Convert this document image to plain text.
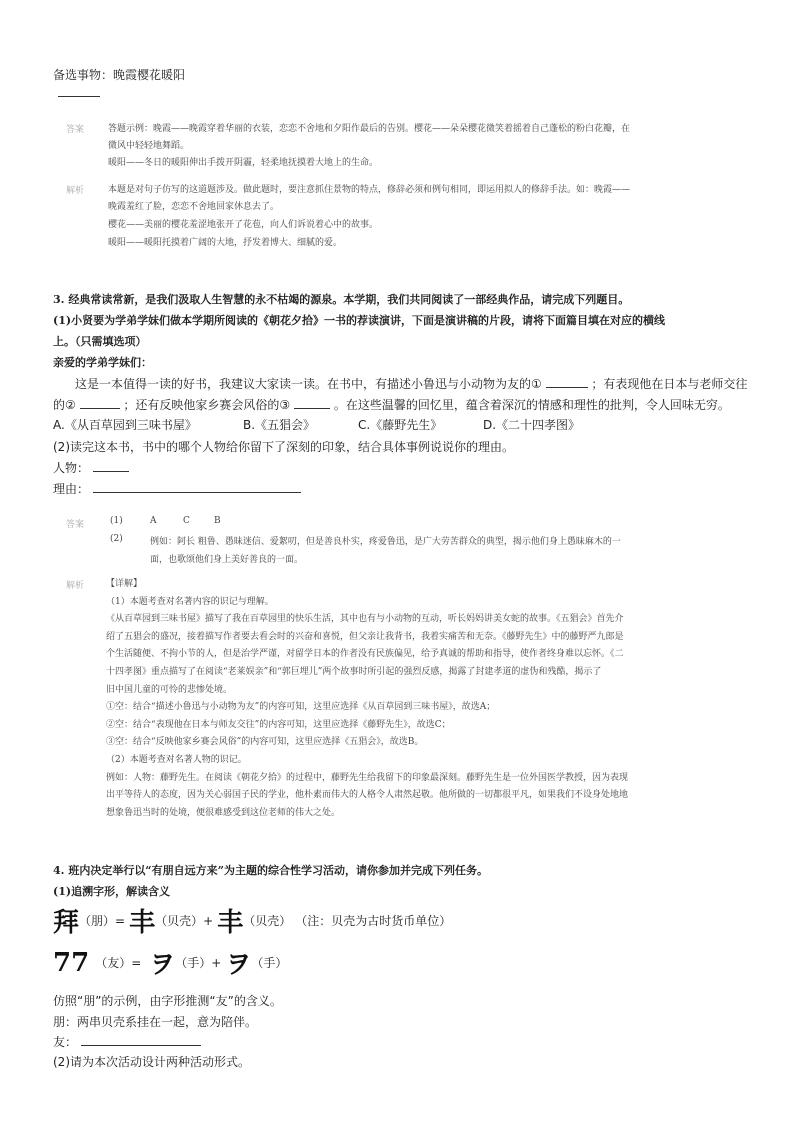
备选事物：晚霞樱花暖阳
答案	答题示例：晚霞——晚霞穿着华丽的衣装，恋恋不舍地和夕阳作最后的告别。樱花——朵朵樱花微笑着摇着自己蓬松的粉白花瓣，在
微风中轻轻地舞蹈。
暖阳——冬日的暖阳伸出手拨开阴霾，轻柔地抚摸着大地上的生命。
解析	本题是对句子仿写的这道题涉及。做此题时，要注意抓住景物的特点，修辞必须和例句相同，即运用拟人的修辞手法。如：晚霞——
晚霞羞红了脸，恋恋不舍地回家休息去了。
樱花——美丽的樱花羞涩地张开了花苞，向人们诉说着心中的故事。
暖阳——暖阳托摸着广阔的大地，抒发着博大、细腻的爱。
3. 经典常读常新，是我们汲取人生智慧的永不枯竭的源泉。本学期，我们共同阅读了一部经典作品，请完成下列题目。
(1)小贤要为学弟学妹们做本学期所阅读的《朝花夕拾》一书的荐读演讲，下面是演讲稿的片段，请将下面篇目填在对应的横线
上。（只需填选项）
亲爱的学弟学妹们：
这是一本值得一读的好书，我建议大家读一读。在书中，有描述小鲁迅与小动物为友的①	；有表现他在日本与老师交往
的②	；还有反映他家乡赛会风俗的③	。在这些温馨的回忆里，蕴含着深沉的情感和理性的批判，令人回味无穷。
A.《从百草园到三味书屋》	B.《五猖会》	C.《藤野先生》	D.《二十四孝图》
(2)读完这本书，书中的哪个人物给你留下了深刻的印象，结合具体事例说说你的理由。
人物：
理由：
答案	(1)	A	C	B
(2)	例如：阿长 粗鲁、愚昧迷信、爱絮叨，但是善良朴实，疼爱鲁迅，是广大劳苦群众的典型，揭示他们身上愚昧麻木的一
面，也歌颂他们身上美好善良的一面。
解析 【详解】
（1）本题考查对名著内容的识记与理解。
《从百草园到三味书屋》描写了我在百草园里的快乐生活，其中也有与小动物的互动，听长妈妈讲美女蛇的故事。《五猖会》首先介
绍了五猖会的盛况，接着描写作者要去看会时的兴奋和喜悦，但父亲让我背书，我着实痛苦和无奈。《藤野先生》中的藤野严九郎是
个生活随便、不拘小节的人，但是治学严谨，对留学日本的作者没有民族偏见，给予真诚的帮助和指导，使作者终身难以忘怀。《二
十四孝图》重点描写了在阅读“老莱娱亲”和“郭巨埋儿”两个故事时所引起的强烈反感，揭露了封建孝道的虚伪和残酷，揭示了
旧中国儿童的可怜的悲惨处境。
①空：结合“描述小鲁迅与小动物为友”的内容可知，这里应选择《从百草园到三味书屋》，故选A；
②空：结合“表现他在日本与师友交往”的内容可知，这里应选择《藤野先生》，故选C；
③空：结合“反映他家乡赛会风俗”的内容可知，这里应选择《五猖会》，故选B。
（2）本题考查对名著人物的识记。
例如：人物：藤野先生。在阅读《朝花夕拾》的过程中，藤野先生给我留下的印象最深刻。藤野先生是一位外国医学教授，因为表现
出平等待人的态度，因为关心弱国子民的学业，他朴素而伟大的人格令人肃然起敬。他所做的一切都很平凡，如果我们不设身处地地
想象鲁迅当时的处境，便很难感受到这位老师的伟大之处。
4. 班内决定举行以“有朋自远方来”为主题的综合性学习活动，请你参加并完成下列任务。
(1)追溯字形，解读含义
拜 （朋） = 丰 （贝壳） + 丰 （贝壳） （注：贝壳为古时货币单位）
77 （友） = ヲ （手） + ヲ （手）
仿照“朋”的示例，由字形推测“友”的含义。
朋：两串贝壳系挂在一起，意为陪伴。
友：
(2)请为本次活动设计两种活动形式。
